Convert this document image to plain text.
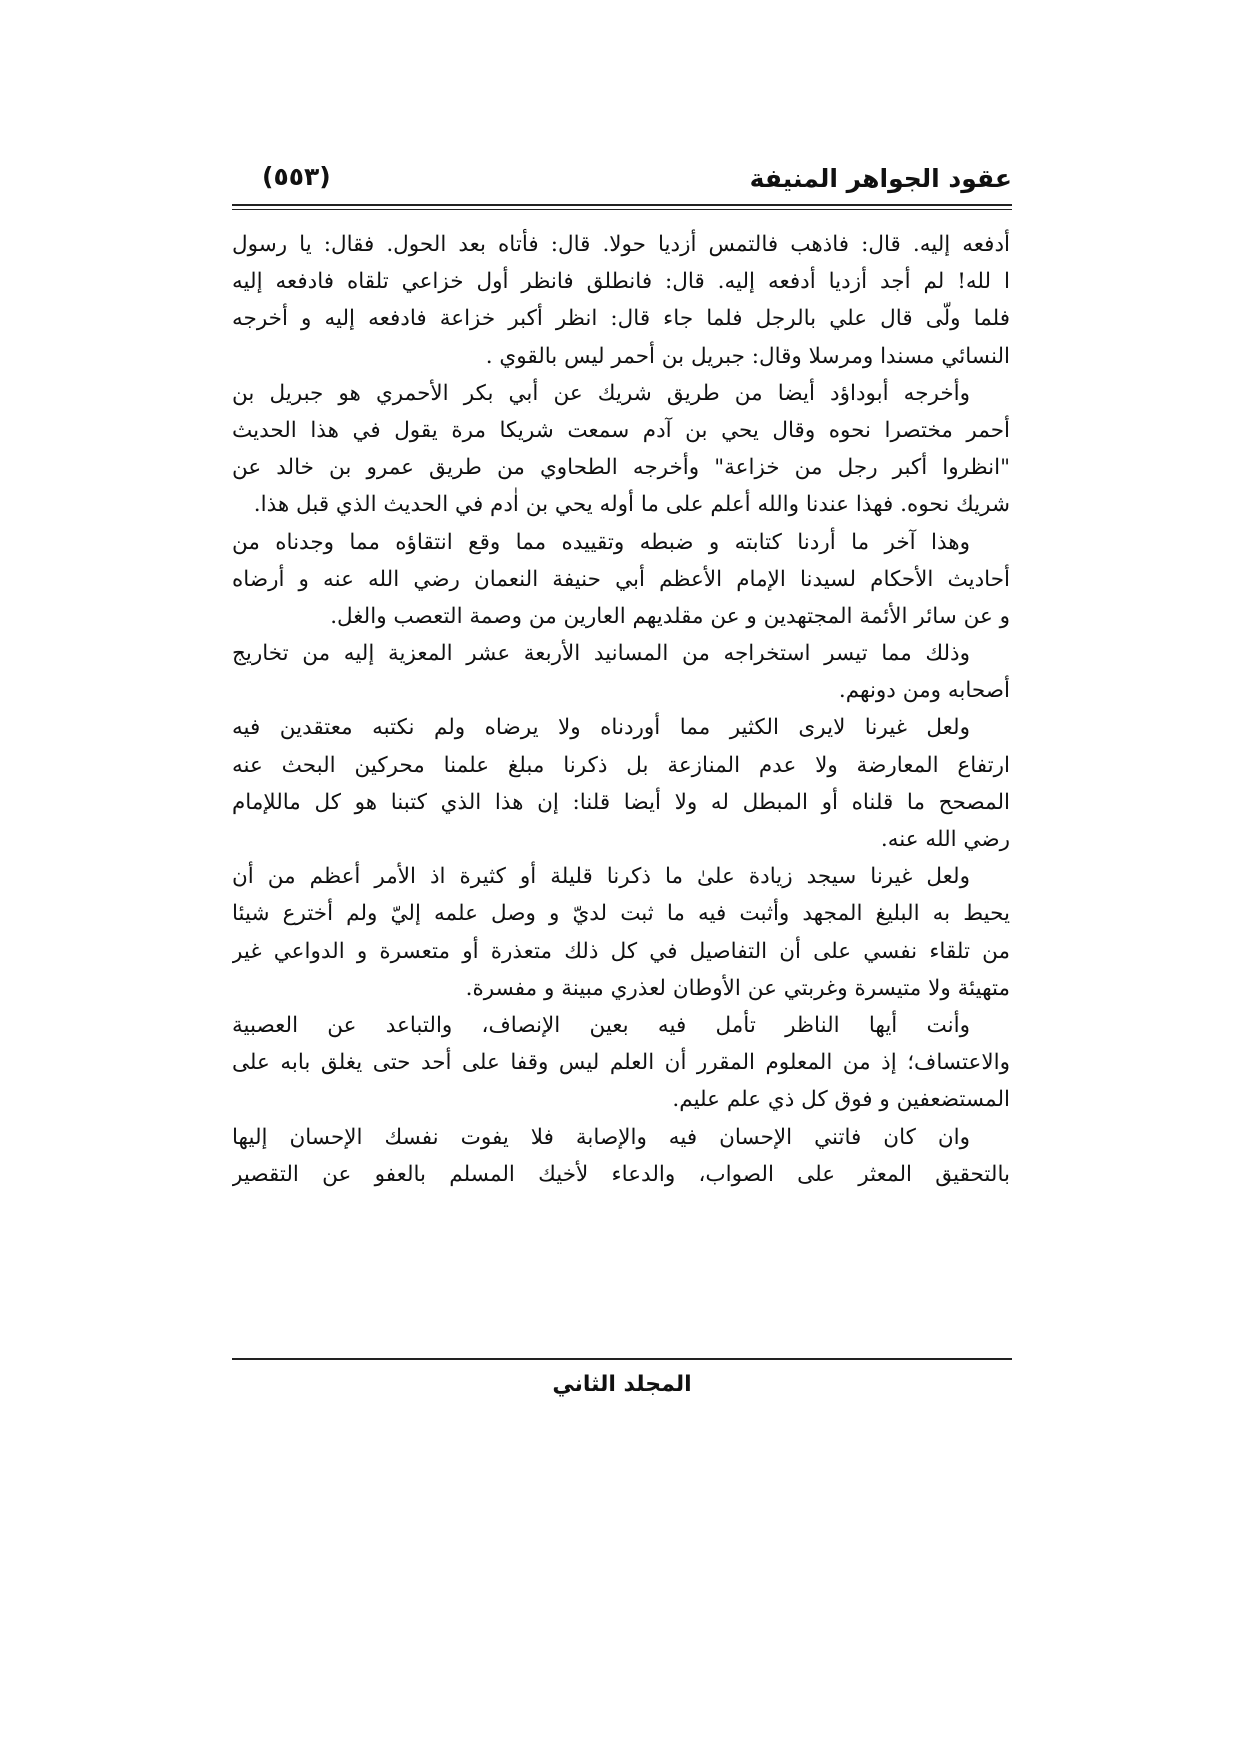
عقود الجواهر المنيفة
(٥٥٣)
أدفعه إليه. قال: فاذهب فالتمس أزديا حولا. قال: فأتاه بعد الحول. فقال: يا رسول
ا لله! لم أجد أزديا أدفعه إليه. قال: فانطلق فانظر أول خزاعي تلقاه فادفعه إليه
فلما ولّى قال علي بالرجل فلما جاء قال: انظر أكبر خزاعة فادفعه إليه و أخرجه
النسائي مسندا ومرسلا وقال: جبريل بن أحمر ليس بالقوي .
وأخرجه أبوداؤد أيضا من طريق شريك عن أبي بكر الأحمري هو جبريل بن
أحمر مختصرا نحوه وقال يحي بن آدم سمعت شريكا مرة يقول في هذا الحديث
"انظروا أكبر رجل من خزاعة" وأخرجه الطحاوي من طريق عمرو بن خالد عن
شريك نحوه. فهذا عندنا والله أعلم على ما أوله يحي بن اٰدم في الحديث الذي قبل هذا.
وهذا آخر ما أردنا كتابته و ضبطه وتقييده مما وقع انتقاؤه مما وجدناه من
أحاديث الأحكام لسيدنا الإمام الأعظم أبي حنيفة النعمان رضي الله عنه و أرضاه
و عن سائر الأئمة المجتهدين و عن مقلديهم العارين من وصمة التعصب والغل.
وذلك مما تيسر استخراجه من المسانيد الأربعة عشر المعزية إليه من تخاريج
أصحابه ومن دونهم.
ولعل غيرنا لايرى الكثير مما أوردناه ولا يرضاه ولم نكتبه معتقدين فيه
ارتفاع المعارضة ولا عدم المنازعة بل ذكرنا مبلغ علمنا محركين البحث عنه
المصحح ما قلناه أو المبطل له ولا أيضا قلنا: إن هذا الذي كتبنا هو كل ماللإمام
رضي الله عنه.
ولعل غيرنا سيجد زيادة علىٰ ما ذكرنا قليلة أو كثيرة اذ الأمر أعظم من أن
يحيط به البليغ المجهد وأثبت فيه ما ثبت لديّ و وصل علمه إليّ ولم أخترع شيئا
من تلقاء نفسي على أن التفاصيل في كل ذلك متعذرة أو متعسرة و الدواعي غير
متهيئة ولا متيسرة وغربتي عن الأوطان لعذري مبينة و مفسرة.
وأنت أيها الناظر تأمل فيه بعين الإنصاف، والتباعد عن العصبية
والاعتساف؛ إذ من المعلوم المقرر أن العلم ليس وقفا على أحد حتى يغلق بابه على
المستضعفين و فوق كل ذي علم عليم.
وان كان فاتني الإحسان فيه والإصابة فلا يفوت نفسك الإحسان إليها
بالتحقيق المعثر على الصواب، والدعاء لأخيك المسلم بالعفو عن التقصير
المجلد الثاني
